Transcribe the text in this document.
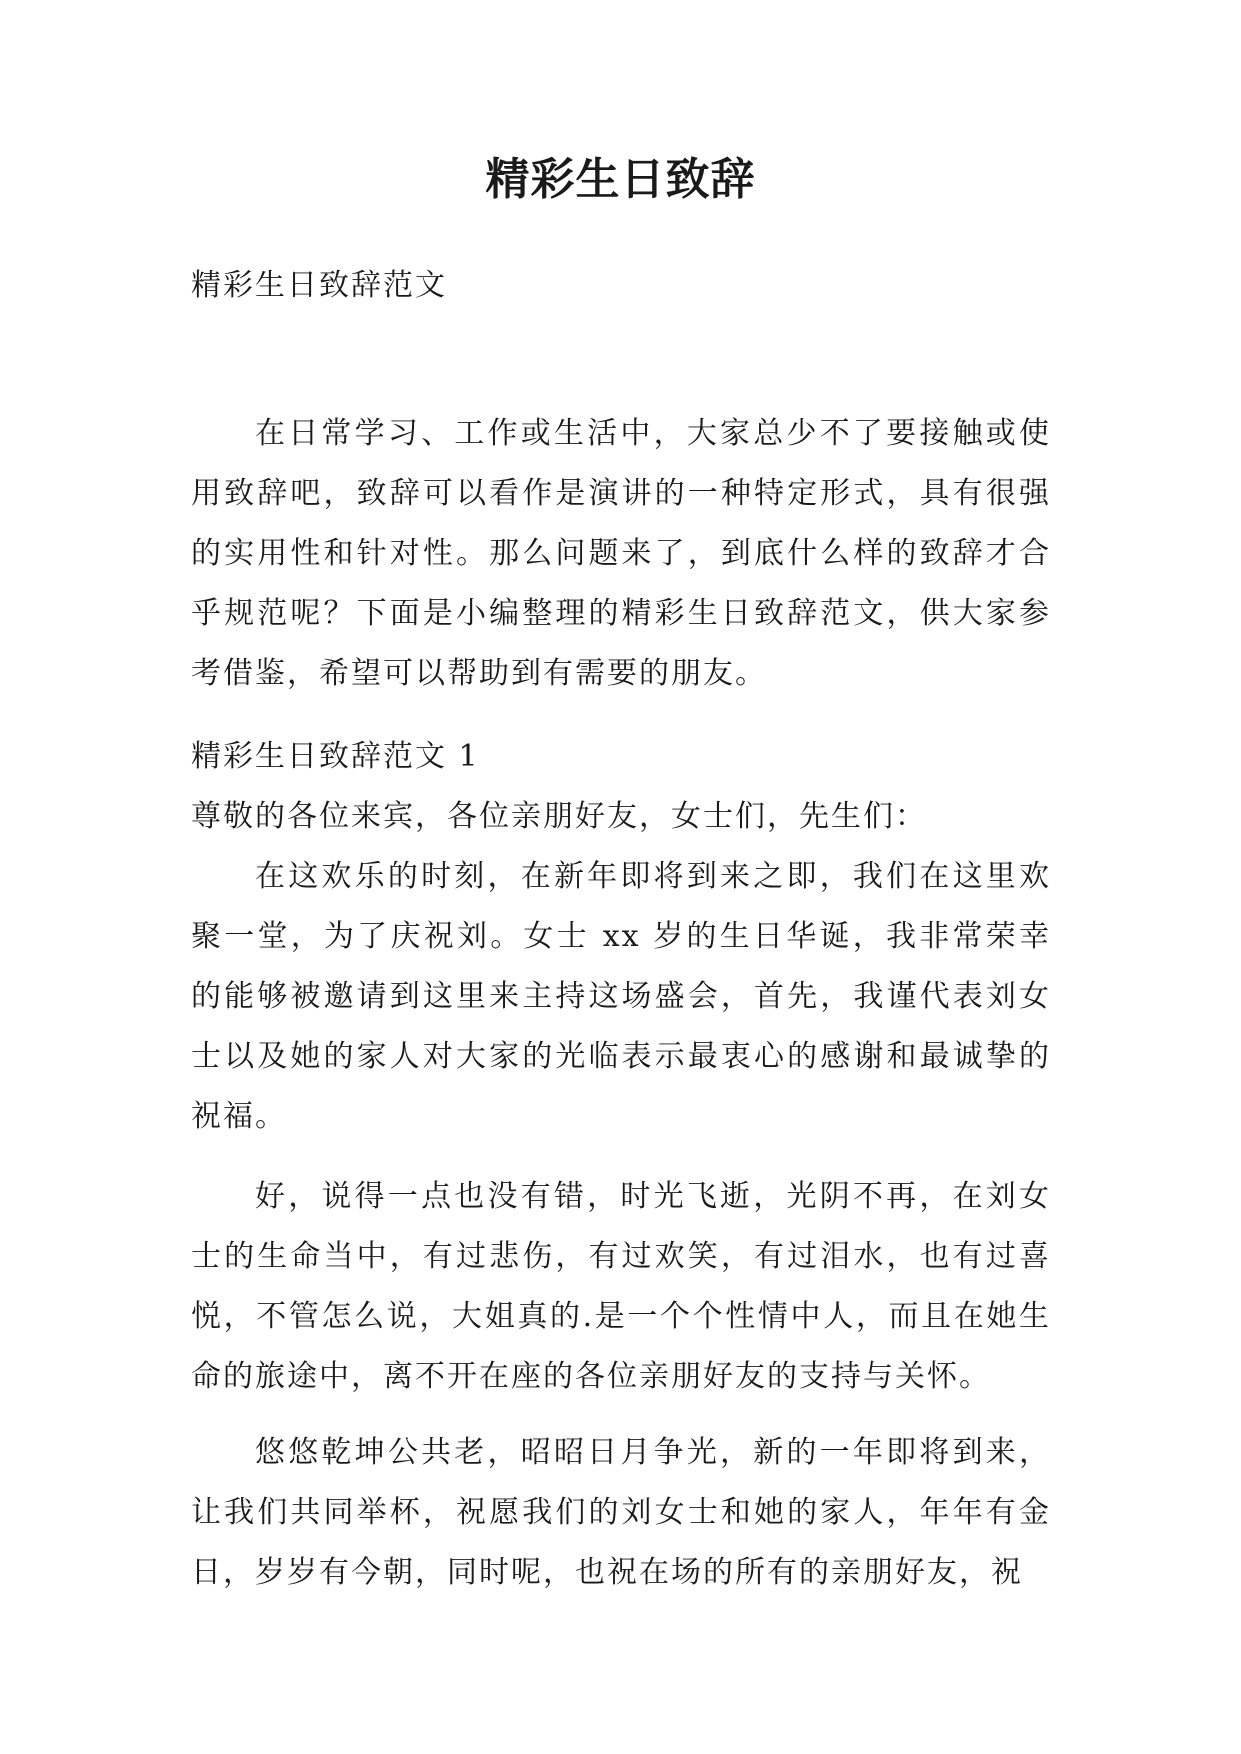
精彩生日致辞
精彩生日致辞范文
在日常学习、工作或生活中，大家总少不了要接触或使用致辞吧，致辞可以看作是演讲的一种特定形式，具有很强的实用性和针对性。那么问题来了，到底什么样的致辞才合乎规范呢？下面是小编整理的精彩生日致辞范文，供大家参考借鉴，希望可以帮助到有需要的朋友。
精彩生日致辞范文 1
尊敬的各位来宾，各位亲朋好友，女士们，先生们：
在这欢乐的时刻，在新年即将到来之即，我们在这里欢聚一堂，为了庆祝刘。女士 xx 岁的生日华诞，我非常荣幸的能够被邀请到这里来主持这场盛会，首先，我谨代表刘女士以及她的家人对大家的光临表示最衷心的感谢和最诚挚的祝福。
好，说得一点也没有错，时光飞逝，光阴不再，在刘女士的生命当中，有过悲伤，有过欢笑，有过泪水，也有过喜悦，不管怎么说，大姐真的.是一个个性情中人，而且在她生命的旅途中，离不开在座的各位亲朋好友的支持与关怀。
悠悠乾坤公共老，昭昭日月争光，新的一年即将到来，让我们共同举杯，祝愿我们的刘女士和她的家人，年年有金日，岁岁有今朝，同时呢，也祝在场的所有的亲朋好友，祝
